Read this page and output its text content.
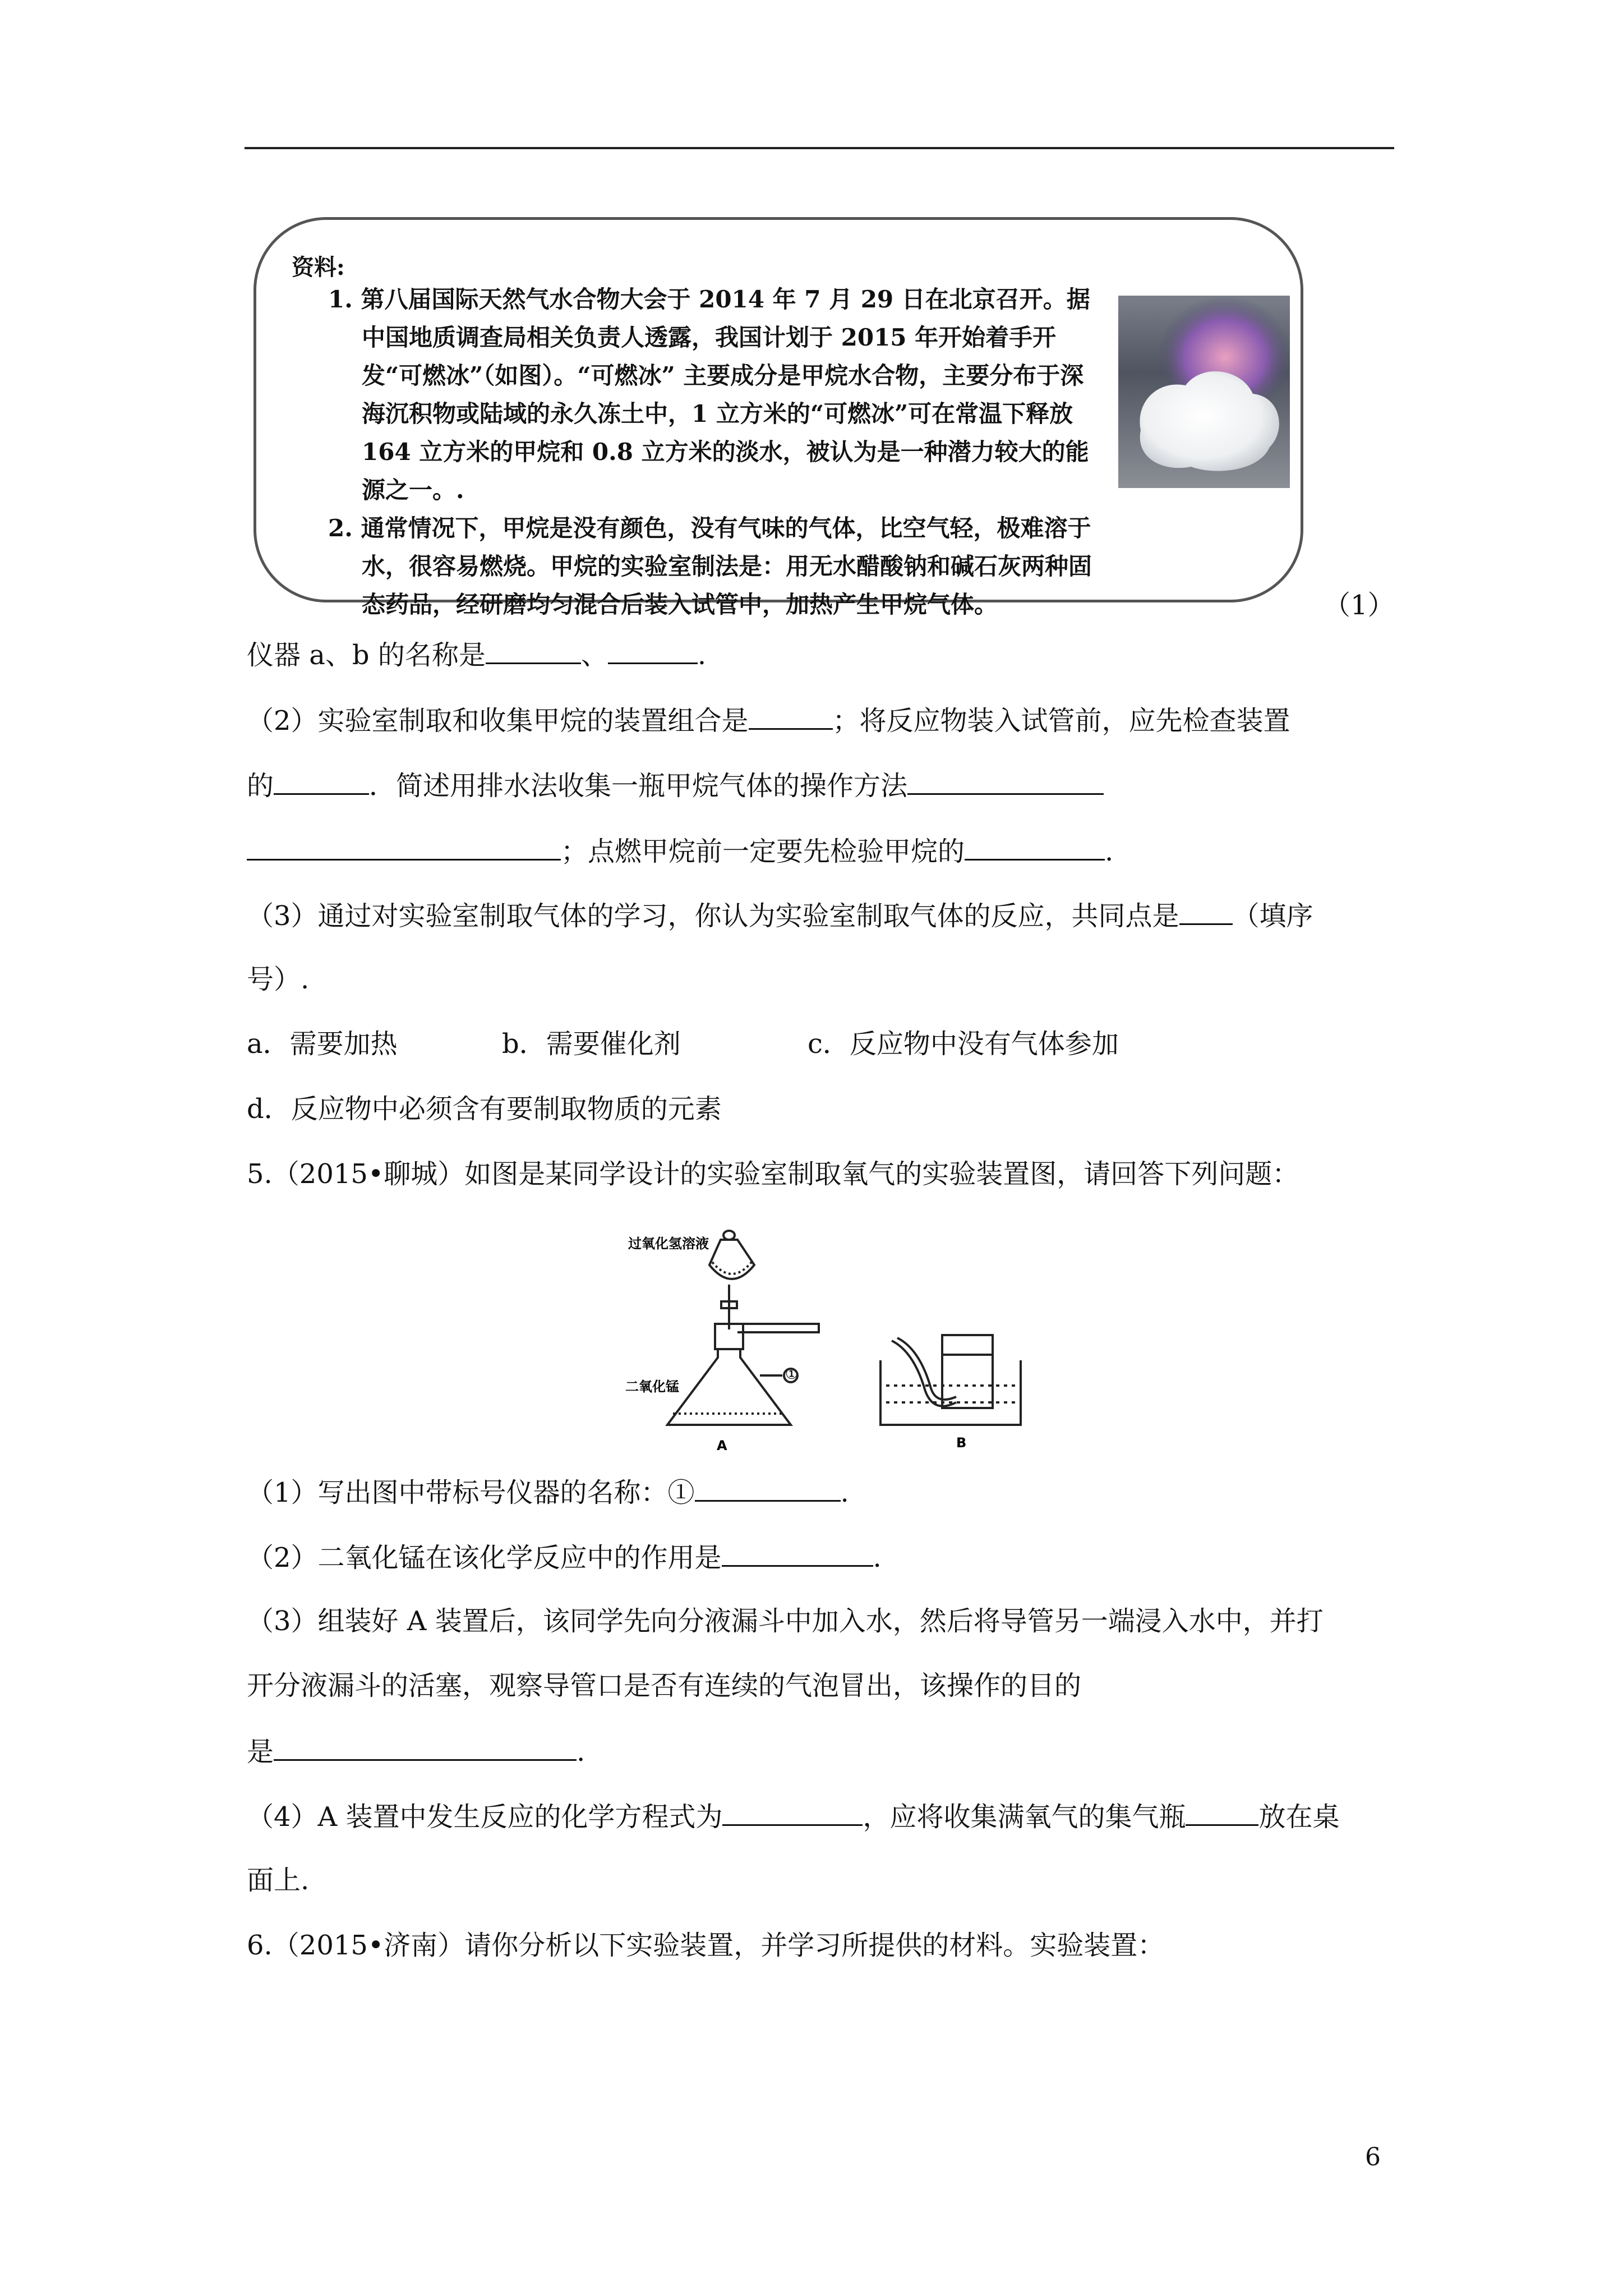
资料:

1. 第八届国际天然气水合物大会于 2014 年 7 月 29 日在北京召开。据中国地质调查局相关负责人透露，我国计划于 2015 年开始着手开发“可燃冰”（如图）。“可燃冰” 主要成分是甲烷水合物，主要分布于深海沉积物或陆域的永久冻土中，1 立方米的“可燃冰”可在常温下释放 164 立方米的甲烷和 0.8 立方米的淡水，被认为是一种潜力较大的能源之一。.

2. 通常情况下，甲烷是没有颜色，没有气味的气体，比空气轻，极难溶于水，很容易燃烧。甲烷的实验室制法是：用无水醋酸钠和碱石灰两种固态药品，经研磨均匀混合后装入试管中，加热产生甲烷气体。	（1）
仪器 a、b 的名称是	、	.
（2）实验室制取和收集甲烷的装置组合是	；将反应物装入试管前，应先检查装置
的	．简述用排水法收集一瓶甲烷气体的操作方法
；点燃甲烷前一定要先检验甲烷的	.
（3）通过对实验室制取气体的学习，你认为实验室制取气体的反应，共同点是 （填序
号）.
a．需要加热	b．需要催化剂	c．反应物中没有气体参加
d．反应物中必须含有要制取物质的元素
5.（2015•聊城）如图是某同学设计的实验室制取氧气的实验装置图，请回答下列问题：
过氧化氢溶液
二氧化锰
①
A	B
（1）写出图中带标号仪器的名称：①	.
（2）二氧化锰在该化学反应中的作用是	.
（3）组装好 A 装置后，该同学先向分液漏斗中加入水，然后将导管另一端浸入水中，并打
开分液漏斗的活塞，观察导管口是否有连续的气泡冒出，该操作的目的
是	.
（4）A 装置中发生反应的化学方程式为	，应将收集满氧气的集气瓶	放在桌
面上.
6.（2015•济南）请你分析以下实验装置，并学习所提供的材料。实验装置：
6
